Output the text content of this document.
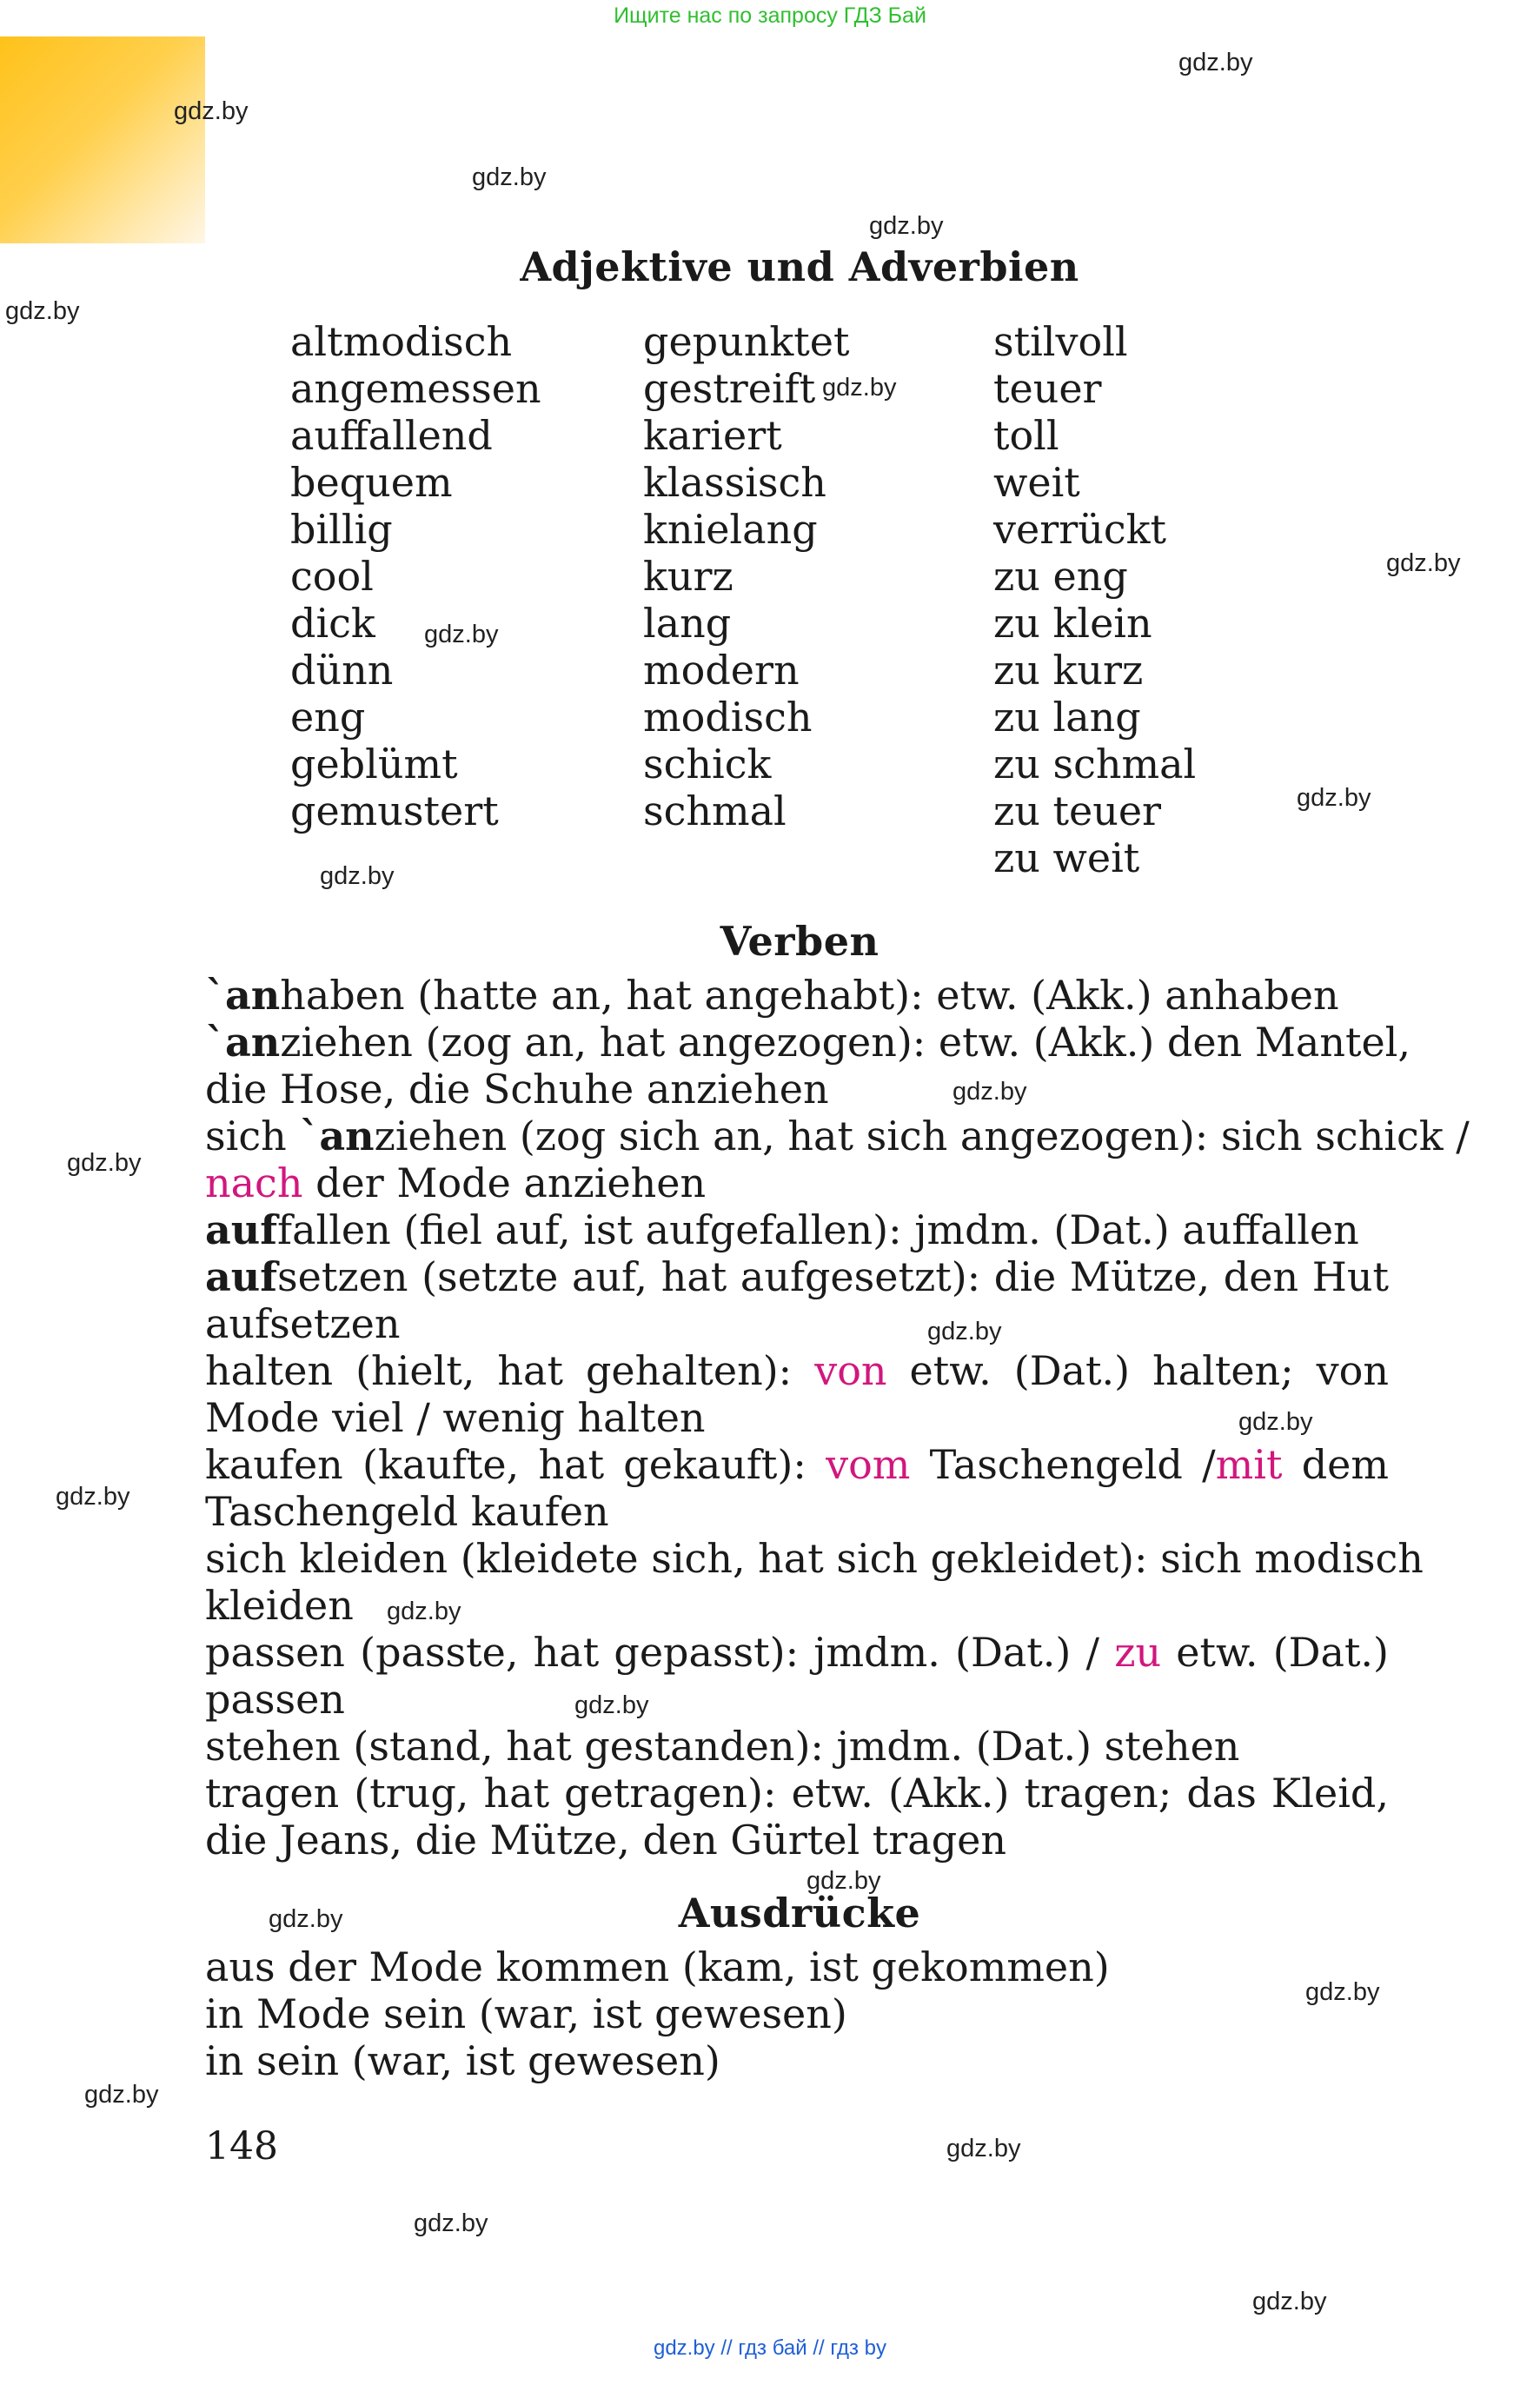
Ищите нас по запросу ГДЗ Бай
gdz.by
gdz.by
gdz.by
gdz.by
gdz.by
gdz.by
gdz.by
gdz.by
gdz.by
gdz.by
gdz.by
gdz.by
gdz.by
gdz.by
gdz.by
gdz.by
gdz.by
gdz.by
gdz.by
gdz.by
gdz.by
gdz.by
gdz.by
gdz.by
Adjektive und Adverbien
altmodisch
angemessen
auffallend
bequem
billig
cool
dick
dünn
eng
geblümt
gemustert
gepunktet
gestreift
kariert
klassisch
knielang
kurz
lang
modern
modisch
schick
schmal
stilvoll
teuer
toll
weit
verrückt
zu eng
zu klein
zu kurz
zu lang
zu schmal
zu teuer
zu weit
Verben
`anhaben (hatte an, hat angehabt): etw. (Akk.) anhaben
`anziehen (zog an, hat angezogen): etw. (Akk.) den Mantel,
die Hose, die Schuhe anziehen
sich `anziehen (zog sich an, hat sich angezogen): sich schick /
nach der Mode anziehen
auffallen (fiel auf, ist aufgefallen): jmdm. (Dat.) auffallen
aufsetzen (setzte auf, hat aufgesetzt): die Mütze, den Hut
aufsetzen
halten (hielt, hat gehalten): von etw. (Dat.) halten; von
Mode viel / wenig halten
kaufen (kaufte, hat gekauft): vom Taschengeld /mit dem
Taschengeld kaufen
sich kleiden (kleidete sich, hat sich gekleidet): sich modisch
kleiden
passen (passte, hat gepasst): jmdm. (Dat.) / zu etw. (Dat.)
passen
stehen (stand, hat gestanden): jmdm. (Dat.) stehen
tragen (trug, hat getragen): etw. (Akk.) tragen; das Kleid,
die Jeans, die Mütze, den Gürtel tragen
Ausdrücke
aus der Mode kommen (kam, ist gekommen)
in Mode sein (war, ist gewesen)
in sein (war, ist gewesen)
148
gdz.by // гдз бай // гдз by
